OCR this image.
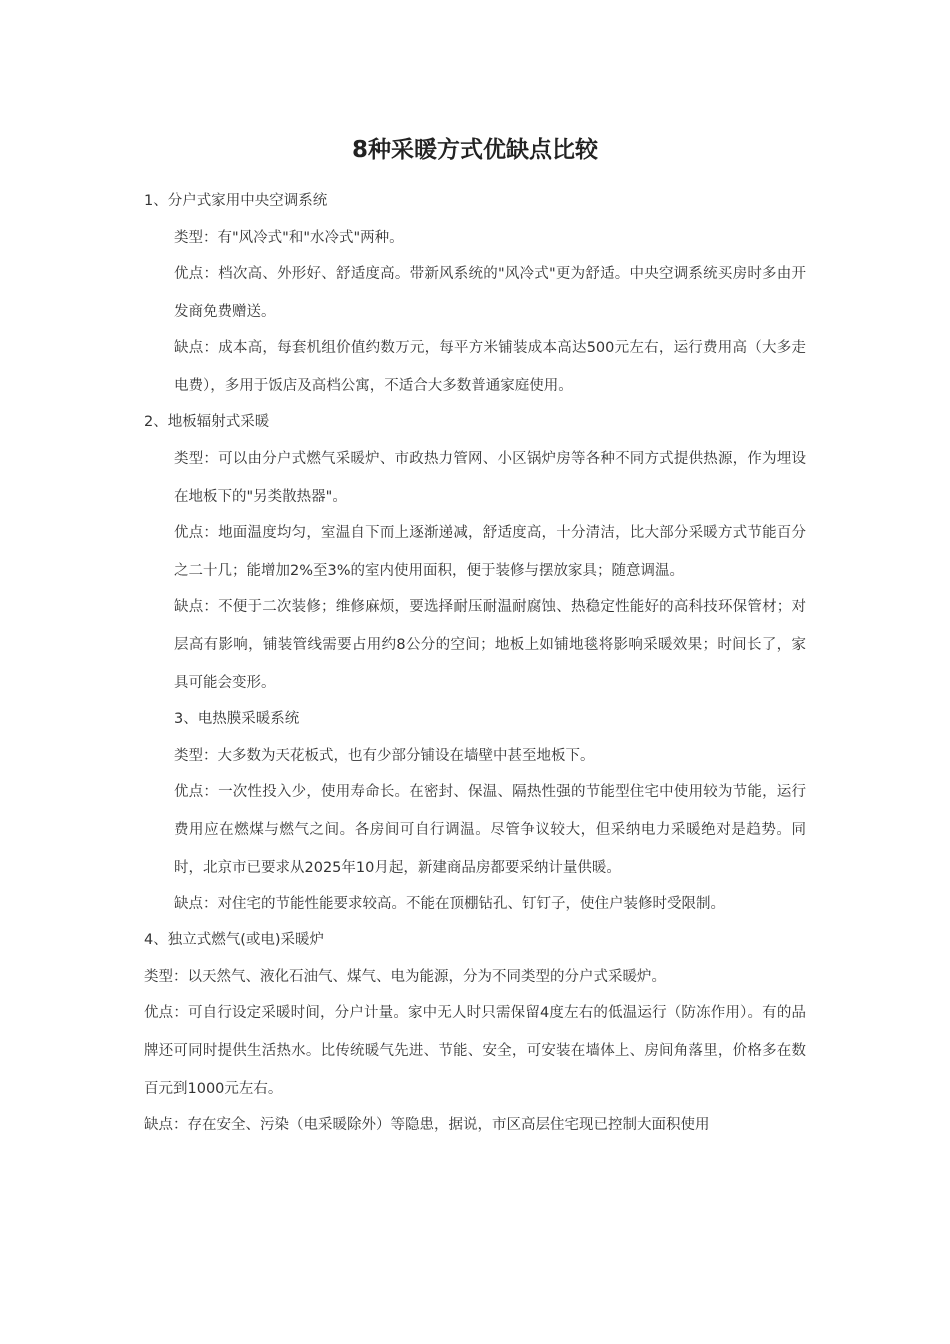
8种采暖方式优缺点比较
1、分户式家用中央空调系统
类型：有"风冷式"和"水冷式"两种。
优点：档次高、外形好、舒适度高。带新风系统的"风冷式"更为舒适。中央空调系统买房时多由开发商免费赠送。
缺点：成本高，每套机组价值约数万元，每平方米铺装成本高达500元左右，运行费用高（大多走电费），多用于饭店及高档公寓，不适合大多数普通家庭使用。
2、地板辐射式采暖
类型：可以由分户式燃气采暖炉、市政热力管网、小区锅炉房等各种不同方式提供热源，作为埋设在地板下的"另类散热器"。
优点：地面温度均匀，室温自下而上逐渐递减，舒适度高，十分清洁，比大部分采暖方式节能百分之二十几；能增加2%至3%的室内使用面积，便于装修与摆放家具；随意调温。
缺点：不便于二次装修；维修麻烦，要选择耐压耐温耐腐蚀、热稳定性能好的高科技环保管材；对层高有影响，铺装管线需要占用约8公分的空间；地板上如铺地毯将影响采暖效果；时间长了，家具可能会变形。
3、电热膜采暖系统
类型：大多数为天花板式，也有少部分铺设在墙壁中甚至地板下。
优点：一次性投入少，使用寿命长。在密封、保温、隔热性强的节能型住宅中使用较为节能，运行费用应在燃煤与燃气之间。各房间可自行调温。尽管争议较大，但采纳电力采暖绝对是趋势。同时，北京市已要求从2025年10月起，新建商品房都要采纳计量供暖。
缺点：对住宅的节能性能要求较高。不能在顶棚钻孔、钉钉子，使住户装修时受限制。
4、独立式燃气(或电)采暖炉
类型：以天然气、液化石油气、煤气、电为能源，分为不同类型的分户式采暖炉。
优点：可自行设定采暖时间，分户计量。家中无人时只需保留4度左右的低温运行（防冻作用）。有的品牌还可同时提供生活热水。比传统暖气先进、节能、安全，可安装在墙体上、房间角落里，价格多在数百元到1000元左右。
缺点：存在安全、污染（电采暖除外）等隐患，据说，市区高层住宅现已控制大面积使用
